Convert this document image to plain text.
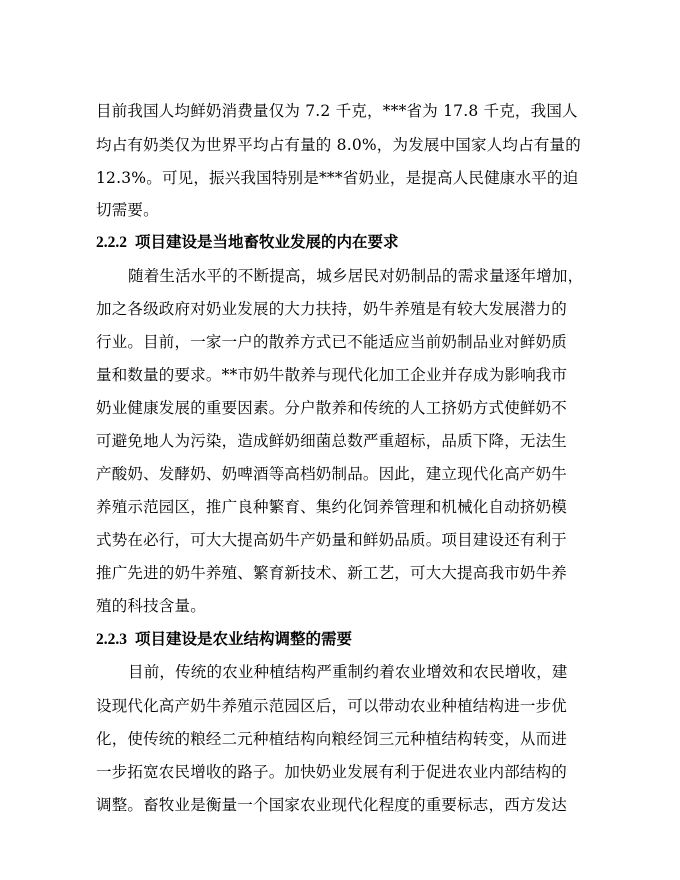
目前我国人均鲜奶消费量仅为 7.2 千克，***省为 17.8 千克，我国人
均占有奶类仅为世界平均占有量的 8.0%，为发展中国家人均占有量的
12.3%。可见，振兴我国特别是***省奶业，是提高人民健康水平的迫
切需要。
2.2.2 项目建设是当地畜牧业发展的内在要求
随着生活水平的不断提高，城乡居民对奶制品的需求量逐年增加，
加之各级政府对奶业发展的大力扶持，奶牛养殖是有较大发展潜力的
行业。目前，一家一户的散养方式已不能适应当前奶制品业对鲜奶质
量和数量的要求。**市奶牛散养与现代化加工企业并存成为影响我市
奶业健康发展的重要因素。分户散养和传统的人工挤奶方式使鲜奶不
可避免地人为污染，造成鲜奶细菌总数严重超标，品质下降，无法生
产酸奶、发酵奶、奶啤酒等高档奶制品。因此，建立现代化高产奶牛
养殖示范园区，推广良种繁育、集约化饲养管理和机械化自动挤奶模
式势在必行，可大大提高奶牛产奶量和鲜奶品质。项目建设还有利于
推广先进的奶牛养殖、繁育新技术、新工艺，可大大提高我市奶牛养
殖的科技含量。
2.2.3 项目建设是农业结构调整的需要
目前，传统的农业种植结构严重制约着农业增效和农民增收，建
设现代化高产奶牛养殖示范园区后，可以带动农业种植结构进一步优
化，使传统的粮经二元种植结构向粮经饲三元种植结构转变，从而进
一步拓宽农民增收的路子。加快奶业发展有利于促进农业内部结构的
调整。畜牧业是衡量一个国家农业现代化程度的重要标志，西方发达
